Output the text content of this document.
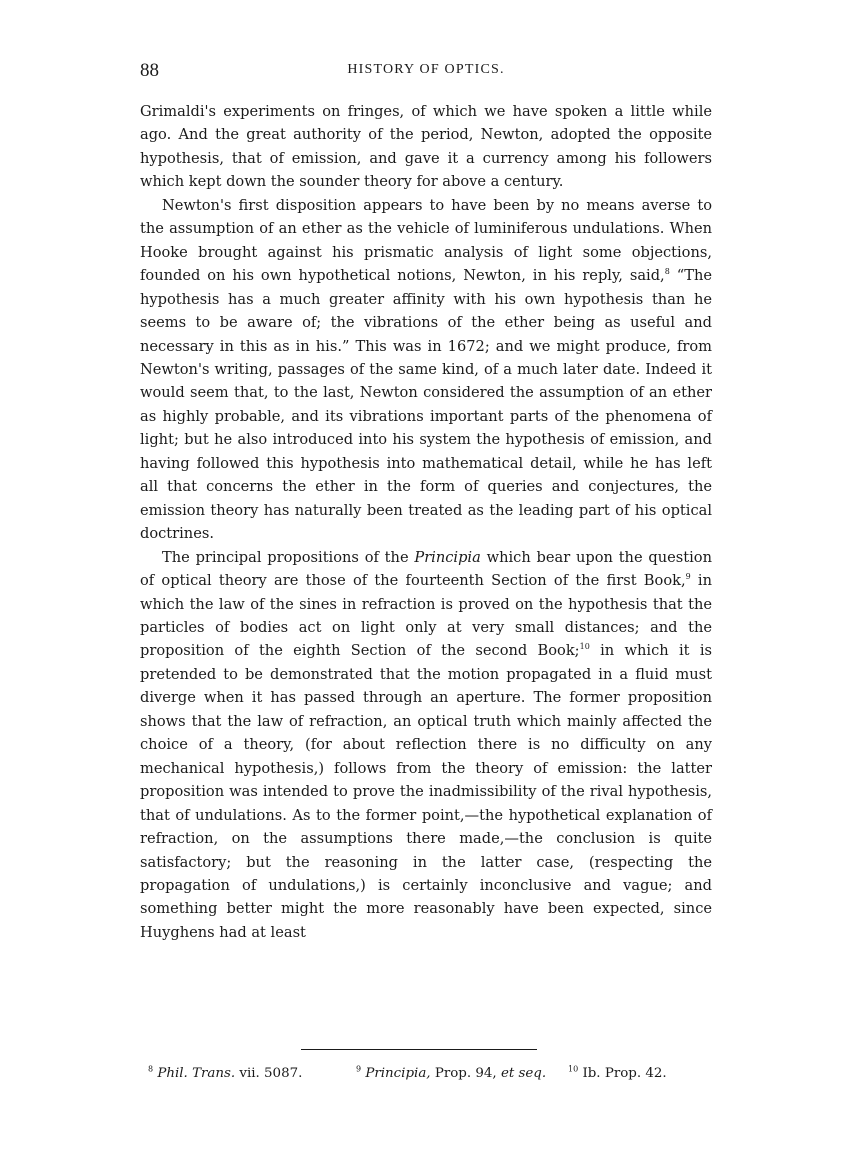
88	HISTORY OF OPTICS.

Grimaldi's experiments on fringes, of which we have spoken a little while ago. And the great authority of the period, Newton, adopted the opposite hypothesis, that of emission, and gave it a currency among his followers which kept down the sounder theory for above a century.

Newton's first disposition appears to have been by no means averse to the assumption of an ether as the vehicle of luminiferous undulations. When Hooke brought against his prismatic analysis of light some objections, founded on his own hypothetical notions, Newton, in his reply, said,$^8$ “The hypothesis has a much greater affinity with his own hypothesis than he seems to be aware of; the vibrations of the ether being as useful and necessary in this as in his.” This was in 1672; and we might produce, from Newton's writing, passages of the same kind, of a much later date. Indeed it would seem that, to the last, Newton considered the assumption of an ether as highly probable, and its vibrations important parts of the phenomena of light; but he also introduced into his system the hypothesis of emission, and having followed this hypothesis into mathematical detail, while he has left all that concerns the ether in the form of queries and conjectures, the emission theory has naturally been treated as the leading part of his optical doctrines.

The principal propositions of the Principia which bear upon the question of optical theory are those of the fourteenth Section of the first Book,$^9$ in which the law of the sines in refraction is proved on the hypothesis that the particles of bodies act on light only at very small distances; and the proposition of the eighth Section of the second Book;$^{10}$ in which it is pretended to be demonstrated that the motion propagated in a fluid must diverge when it has passed through an aperture. The former proposition shows that the law of refraction, an optical truth which mainly affected the choice of a theory, (for about reflection there is no difficulty on any mechanical hypothesis,) follows from the theory of emission: the latter proposition was intended to prove the inadmissibility of the rival hypothesis, that of undulations. As to the former point,—the hypothetical explanation of refraction, on the assumptions there made,—the conclusion is quite satisfactory; but the reasoning in the latter case, (respecting the propagation of undulations,) is certainly inconclusive and vague; and something better might the more reasonably have been expected, since Huyghens had at least

$^8$ Phil. Trans. vii. 5087.	$^9$ Principia, Prop. 94, et seq.	$^{10}$ Ib. Prop. 42.
